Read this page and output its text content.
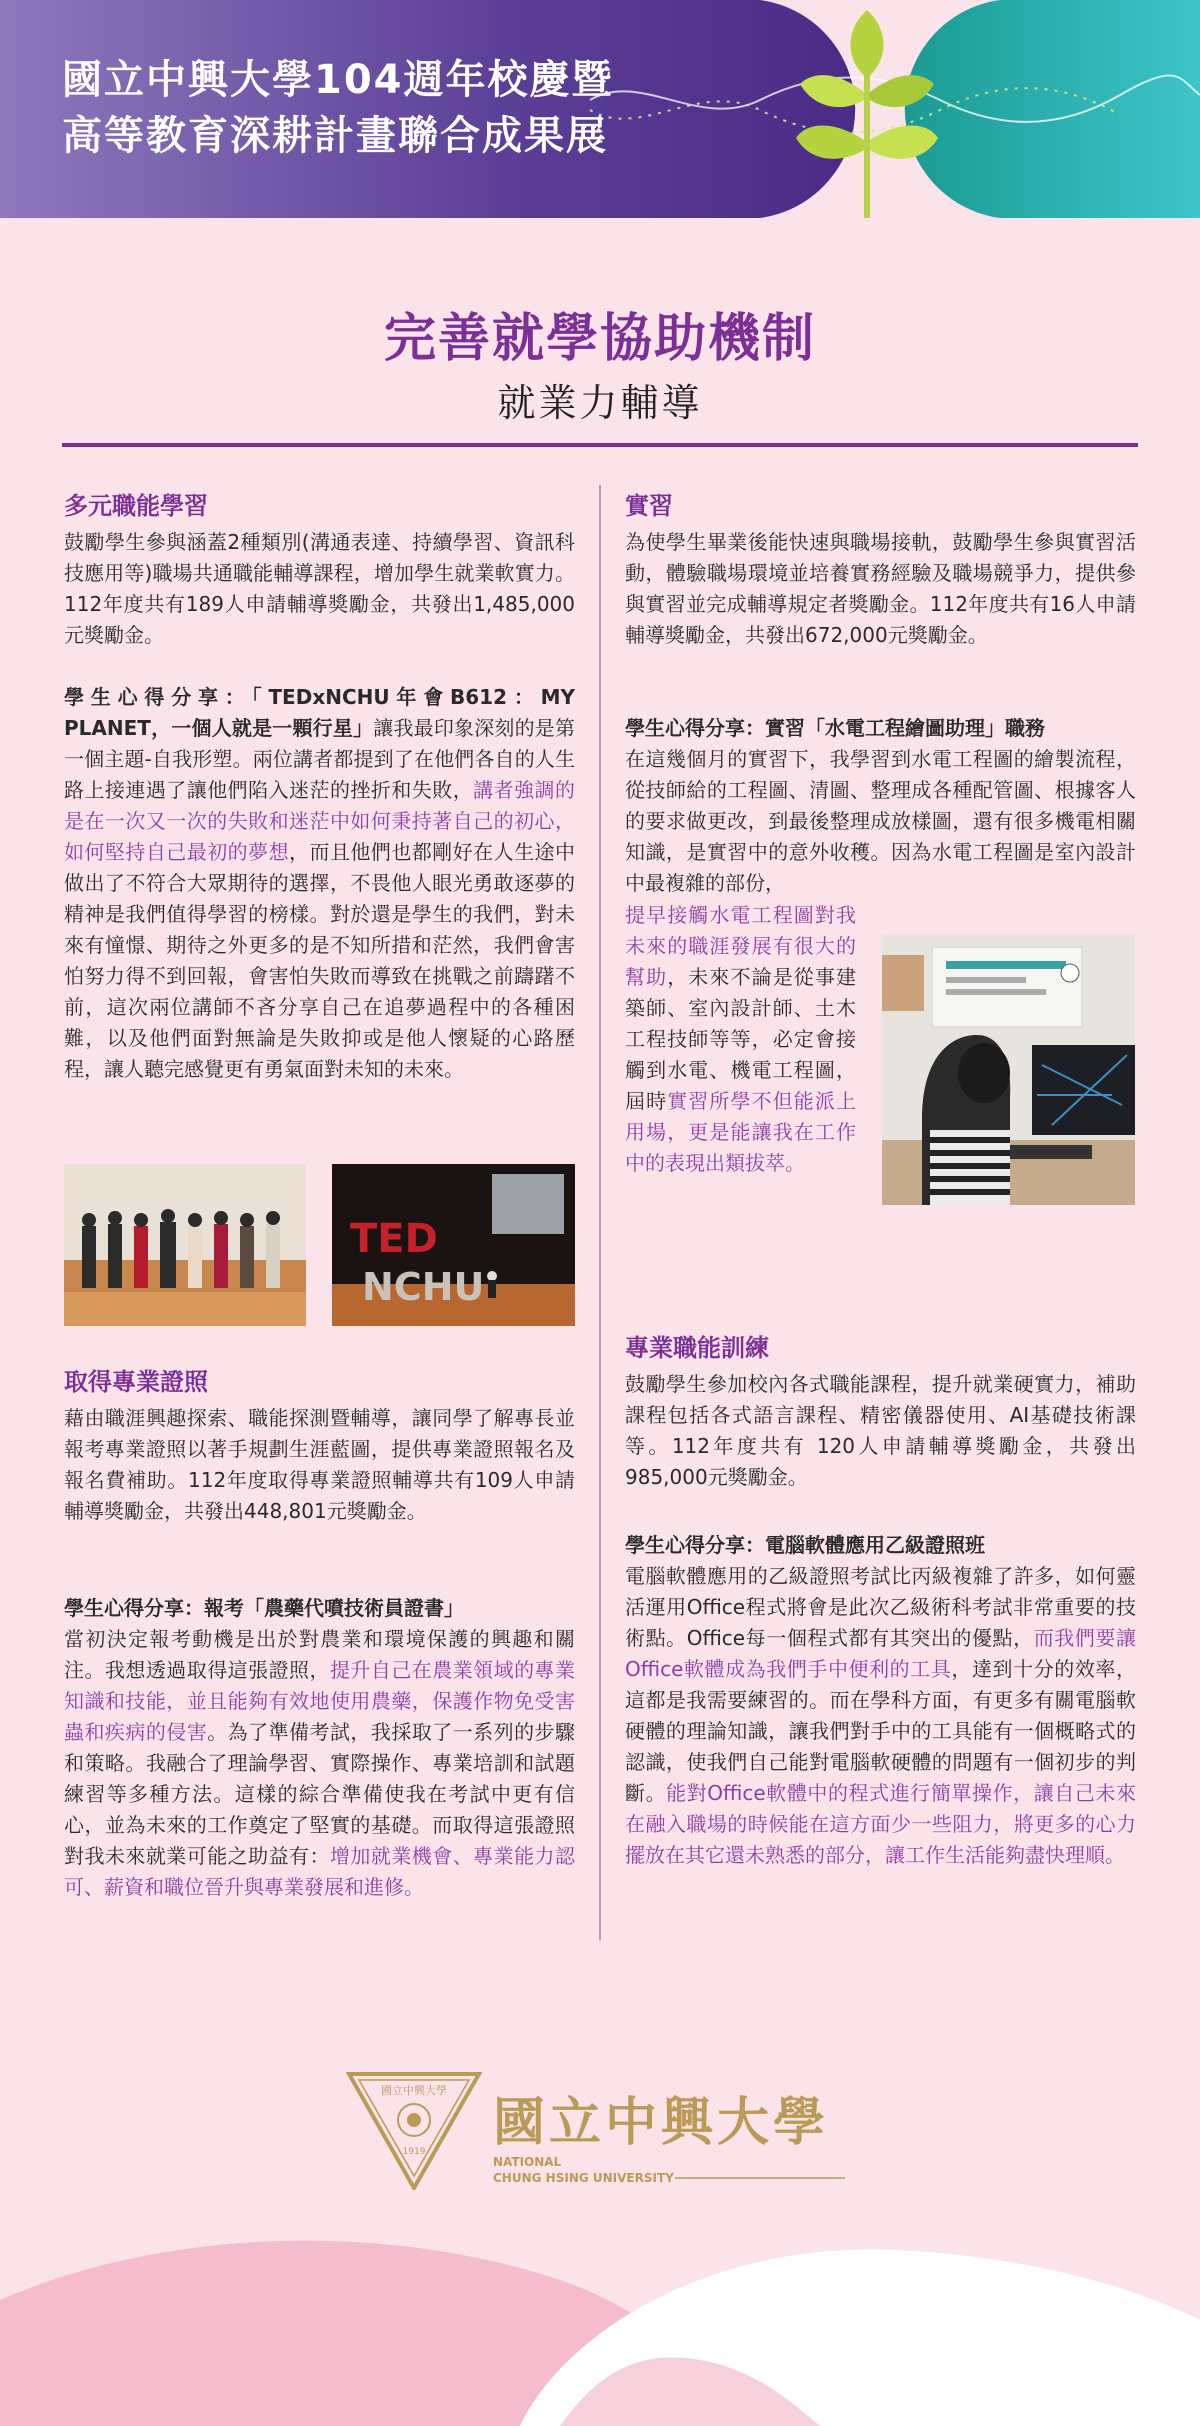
國立中興大學104週年校慶暨
高等教育深耕計畫聯合成果展
完善就學協助機制
就業力輔導
多元職能學習
鼓勵學生參與涵蓋2種類別(溝通表達、持續學習、資訊科技應用等)職場共通職能輔導課程，增加學生就業軟實力。112年度共有189人申請輔導獎勵金，共發出1,485,000元獎勵金。
學生心得分享：「TEDxNCHU年會B612：MY PLANET，一個人就是一顆行星」讓我最印象深刻的是第一個主題-自我形塑。兩位講者都提到了在他們各自的人生路上接連遇了讓他們陷入迷茫的挫折和失敗，講者強調的是在一次又一次的失敗和迷茫中如何秉持著自己的初心，如何堅持自己最初的夢想，而且他們也都剛好在人生途中做出了不符合大眾期待的選擇，不畏他人眼光勇敢逐夢的精神是我們值得學習的榜樣。對於還是學生的我們，對未來有憧憬、期待之外更多的是不知所措和茫然，我們會害怕努力得不到回報，會害怕失敗而導致在挑戰之前躊躇不前，這次兩位講師不吝分享自己在追夢過程中的各種困難，以及他們面對無論是失敗抑或是他人懷疑的心路歷程，讓人聽完感覺更有勇氣面對未知的未來。
TED
NCHU
取得專業證照
藉由職涯興趣探索、職能探測暨輔導，讓同學了解專長並報考專業證照以著手規劃生涯藍圖，提供專業證照報名及報名費補助。112年度取得專業證照輔導共有109人申請輔導獎勵金，共發出448,801元獎勵金。
學生心得分享：報考「農藥代噴技術員證書」
當初決定報考動機是出於對農業和環境保護的興趣和關注。我想透過取得這張證照，提升自己在農業領域的專業知識和技能，並且能夠有效地使用農藥，保護作物免受害蟲和疾病的侵害。為了準備考試，我採取了一系列的步驟和策略。我融合了理論學習、實際操作、專業培訓和試題練習等多種方法。這樣的綜合準備使我在考試中更有信心，並為未來的工作奠定了堅實的基礎。而取得這張證照對我未來就業可能之助益有：增加就業機會、專業能力認可、薪資和職位晉升與專業發展和進修。
實習
為使學生畢業後能快速與職場接軌，鼓勵學生參與實習活動，體驗職場環境並培養實務經驗及職場競爭力，提供參與實習並完成輔導規定者獎勵金。112年度共有16人申請輔導獎勵金，共發出672,000元獎勵金。
學生心得分享：實習「水電工程繪圖助理」職務
在這幾個月的實習下，我學習到水電工程圖的繪製流程，從技師給的工程圖、清圖、整理成各種配管圖、根據客人的要求做更改，到最後整理成放樣圖，還有很多機電相關知識，是實習中的意外收穫。因為水電工程圖是室內設計中最複雜的部份，
提早接觸水電工程圖對我未來的職涯發展有很大的幫助，未來不論是從事建築師、室內設計師、土木工程技師等等，必定會接觸到水電、機電工程圖，屆時實習所學不但能派上用場，更是能讓我在工作中的表現出類拔萃。
專業職能訓練
鼓勵學生參加校內各式職能課程，提升就業硬實力，補助課程包括各式語言課程、精密儀器使用、AI基礎技術課等。112年度共有 120人申請輔導獎勵金，共發出985,000元獎勵金。
學生心得分享：電腦軟體應用乙級證照班
電腦軟體應用的乙級證照考試比丙級複雜了許多，如何靈活運用Office程式將會是此次乙級術科考試非常重要的技術點。Office每一個程式都有其突出的優點，而我們要讓Office軟體成為我們手中便利的工具，達到十分的效率，這都是我需要練習的。而在學科方面，有更多有關電腦軟硬體的理論知識，讓我們對手中的工具能有一個概略式的認識，使我們自己能對電腦軟硬體的問題有一個初步的判斷。能對Office軟體中的程式進行簡單操作，讓自己未來在融入職場的時候能在這方面少一些阻力，將更多的心力擺放在其它還未熟悉的部分，讓工作生活能夠盡快理順。
國立中興大學
1919 國立中興大學
NATIONAL
CHUNG HSING UNIVERSITY
